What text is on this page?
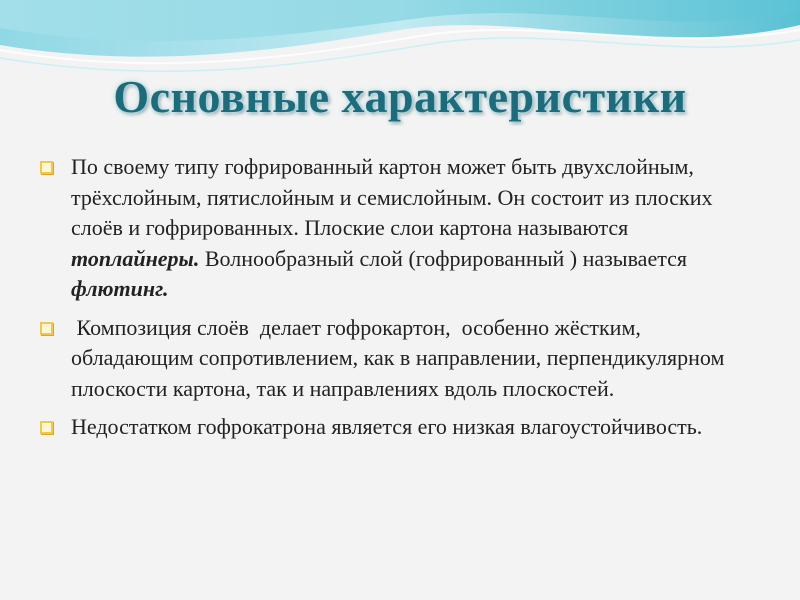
Основные характеристики
По своему типу гофрированный картон может быть двухслойным, трёхслойным, пятислойным и семислойным. Он состоит из плоских слоёв и гофрированных. Плоские слои картона называются топлайнеры. Волнообразный слой (гофрированный ) называется флютинг.
Композиция слоёв  делает гофрокартон,  особенно жёстким, обладающим сопротивлением, как в направлении, перпендикулярном плоскости картона, так и направлениях вдоль плоскостей.
Недостатком гофрокатрона является его низкая влагоустойчивость.
